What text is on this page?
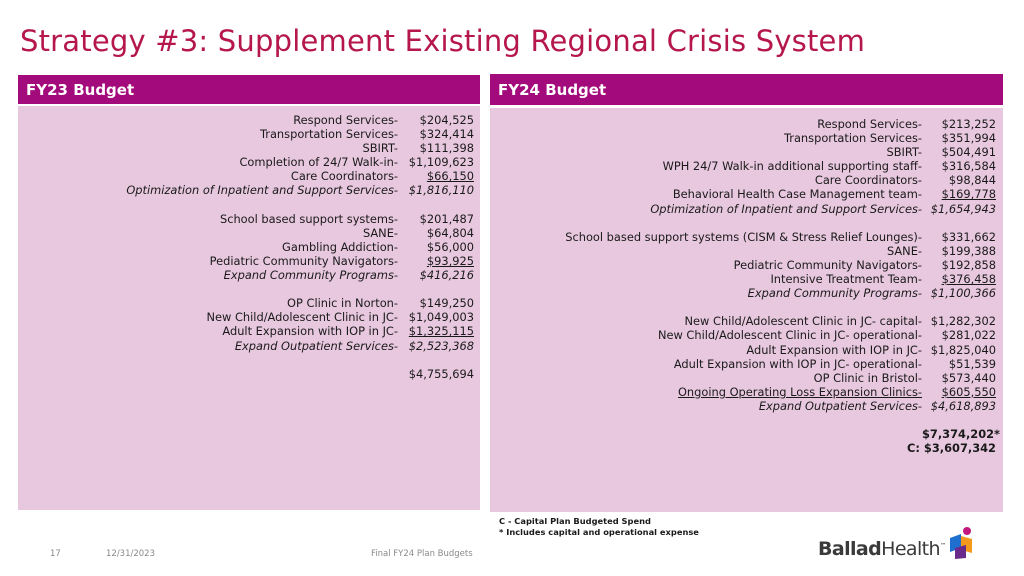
Strategy #3: Supplement Existing Regional Crisis System
FY23 Budget
Respond Services-	$204,525
Transportation Services-	$324,414
SBIRT-	$111,398
Completion of 24/7 Walk-in- $1,109,623
Care Coordinators-	$66,150
Optimization of Inpatient and Support Services- $1,816,110
School based support systems-	$201,487
SANE-	$64,804
Gambling Addiction-	$56,000
Pediatric Community Navigators-	$93,925
Expand Community Programs-	$416,216
OP Clinic in Norton-	$149,250
New Child/Adolescent Clinic in JC- $1,049,003
Adult Expansion with IOP in JC- $1,325,115
Expand Outpatient Services- $2,523,368
$4,755,694
FY24 Budget
Respond Services-	$213,252
Transportation Services-	$351,994
SBIRT-	$504,491
WPH 24/7 Walk-in additional supporting staff-	$316,584
Care Coordinators-	$98,844
Behavioral Health Case Management team-	$169,778
Optimization of Inpatient and Support Services- $1,654,943
School based support systems (CISM & Stress Relief Lounges)-	$331,662
SANE-	$199,388
Pediatric Community Navigators-	$192,858
Intensive Treatment Team-	$376,458
Expand Community Programs- $1,100,366
New Child/Adolescent Clinic in JC- capital- $1,282,302
New Child/Adolescent Clinic in JC- operational-	$281,022
Adult Expansion with IOP in JC- $1,825,040
Adult Expansion with IOP in JC- operational-	$51,539
OP Clinic in Bristol-	$573,440
Ongoing Operating Loss Expansion Clinics-	$605,550
Expand Outpatient Services- $4,618,893
$7,374,202*
C: $3,607,342
C - Capital Plan Budgeted Spend
* Includes capital and operational expense
17	12/31/2023	Final FY24 Plan Budgets	BalladHealth™
